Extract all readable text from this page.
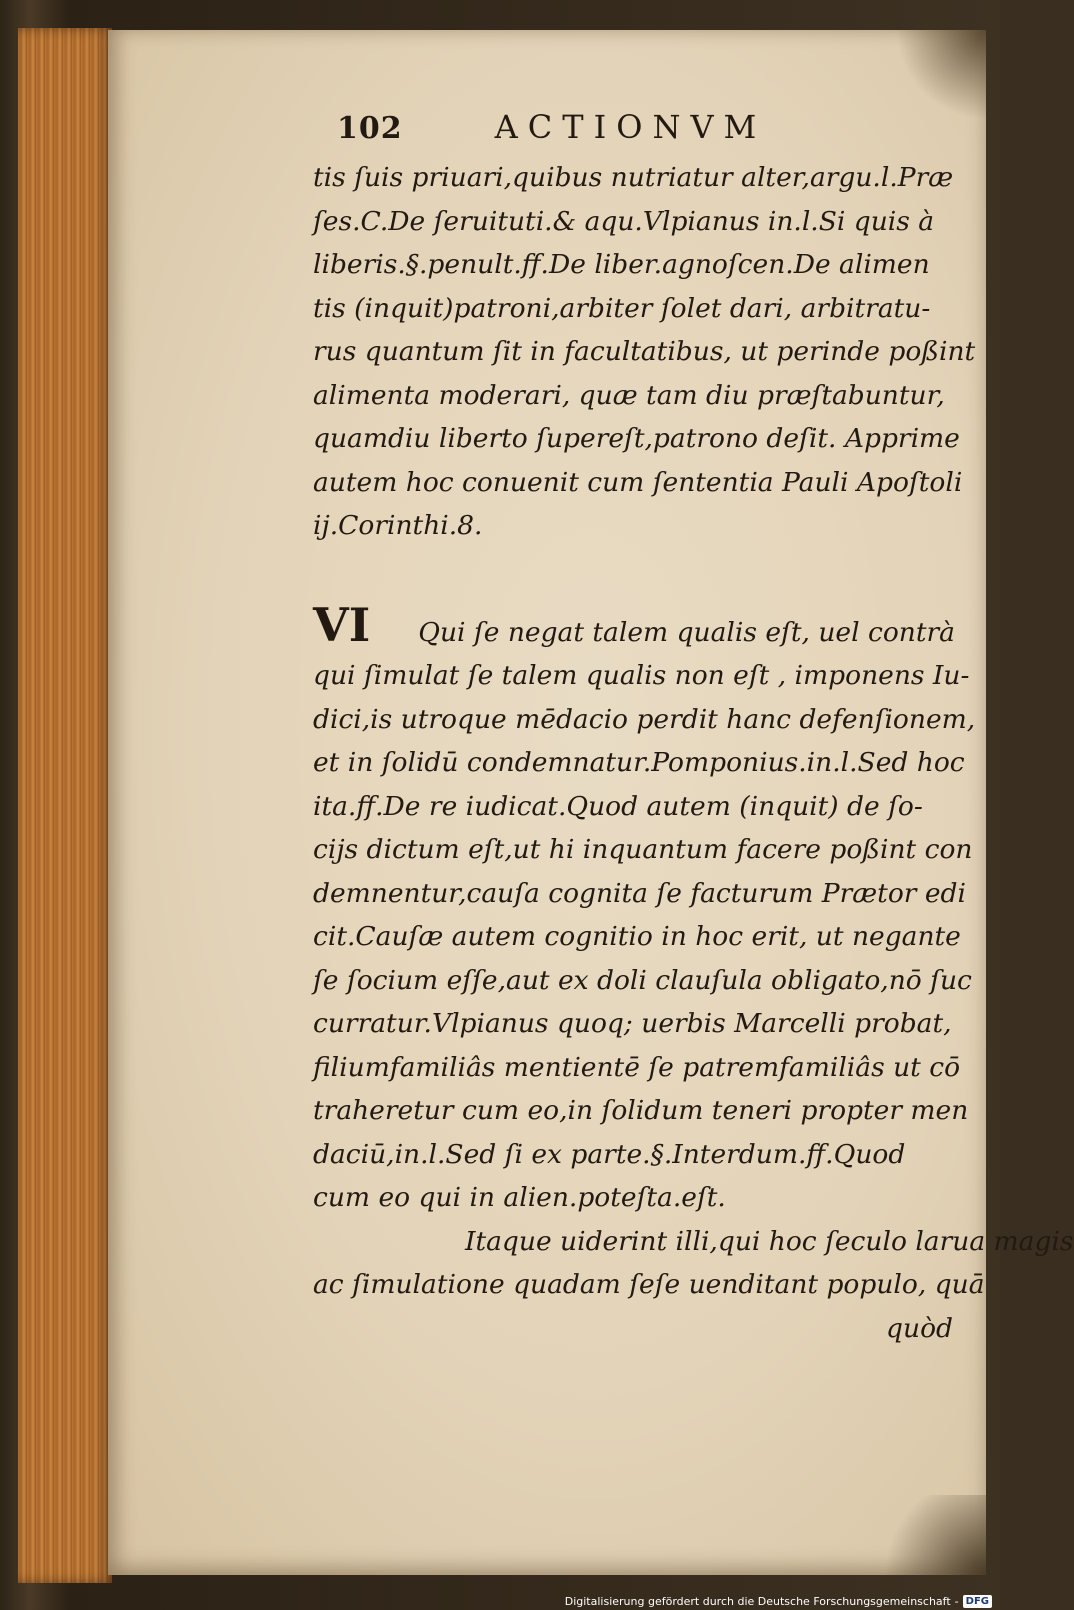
102	ACTIONVM
tis ſuis priuari,quibus nutriatur alter,argu.l.Præ
ſes.C.De ſeruituti.& aqu.Vlpianus in.l.Si quis à
liberis.§.penult.ff.De liber.agnoſcen.De alimen
tis (inquit)patroni,arbiter ſolet dari, arbitratu-
rus quantum ſit in facultatibus, ut perinde poßint
alimenta moderari, quæ tam diu præſtabuntur,
quamdiu liberto ſupereſt,patrono deſit. Apprime
autem hoc conuenit cum ſententia Pauli Apoſtoli
ij.Corinthi.8.
VI	Qui ſe negat talem qualis eſt, uel contrà
qui ſimulat ſe talem qualis non eſt , imponens Iu-
dici,is utroque mēdacio perdit hanc defenſionem,
et in ſolidū condemnatur.Pomponius.in.l.Sed hoc
ita.ff.De re iudicat.Quod autem (inquit) de ſo-
cijs dictum eſt,ut hi inquantum facere poßint con
demnentur,cauſa cognita ſe facturum Prætor edi
cit.Cauſæ autem cognitio in hoc erit, ut negante
ſe ſocium eſſe,aut ex doli clauſula obligato,nō ſuc
curratur.Vlpianus quoq; uerbis Marcelli probat,
filiumfamiliâs mentientē ſe patremfamiliâs ut cō
traheretur cum eo,in ſolidum teneri propter men
daciū,in.l.Sed ſi ex parte.§.Interdum.ff.Quod
cum eo qui in alien.poteſta.eſt.
Itaque uiderint illi,qui hoc ſeculo larua magis
ac ſimulatione quadam ſeſe uenditant populo, quā
quòd
Digitalisierung gefördert durch die Deutsche Forschungsgemeinschaft - DFG
